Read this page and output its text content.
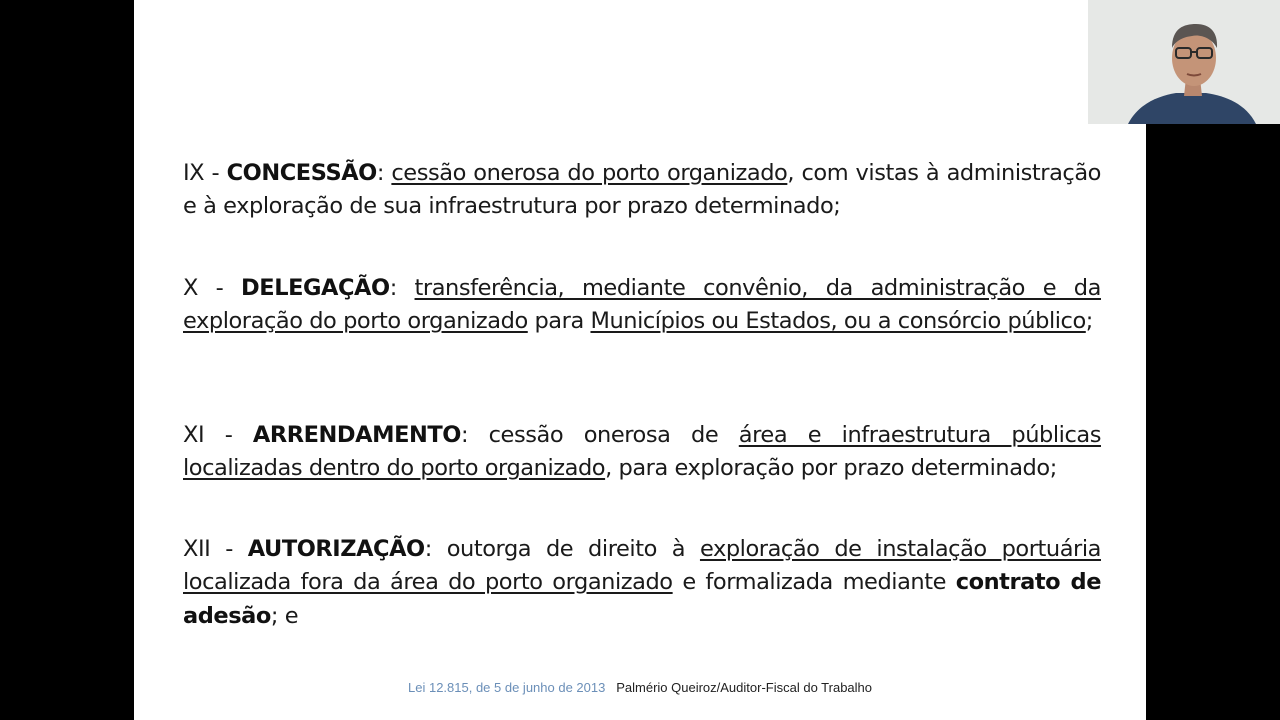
IX - CONCESSÃO: cessão onerosa do porto organizado, com vistas à administração e à exploração de sua infraestrutura por prazo determinado;

X - DELEGAÇÃO: transferência, mediante convênio, da administração e da exploração do porto organizado para Municípios ou Estados, ou a consórcio público;

XI - ARRENDAMENTO: cessão onerosa de área e infraestrutura públicas localizadas dentro do porto organizado, para exploração por prazo determinado;

XII - AUTORIZAÇÃO: outorga de direito à exploração de instalação portuária localizada fora da área do porto organizado e formalizada mediante contrato de adesão; e

Lei 12.815, de 5 de junho de 2013 Palmério Queiroz/Auditor-Fiscal do Trabalho
